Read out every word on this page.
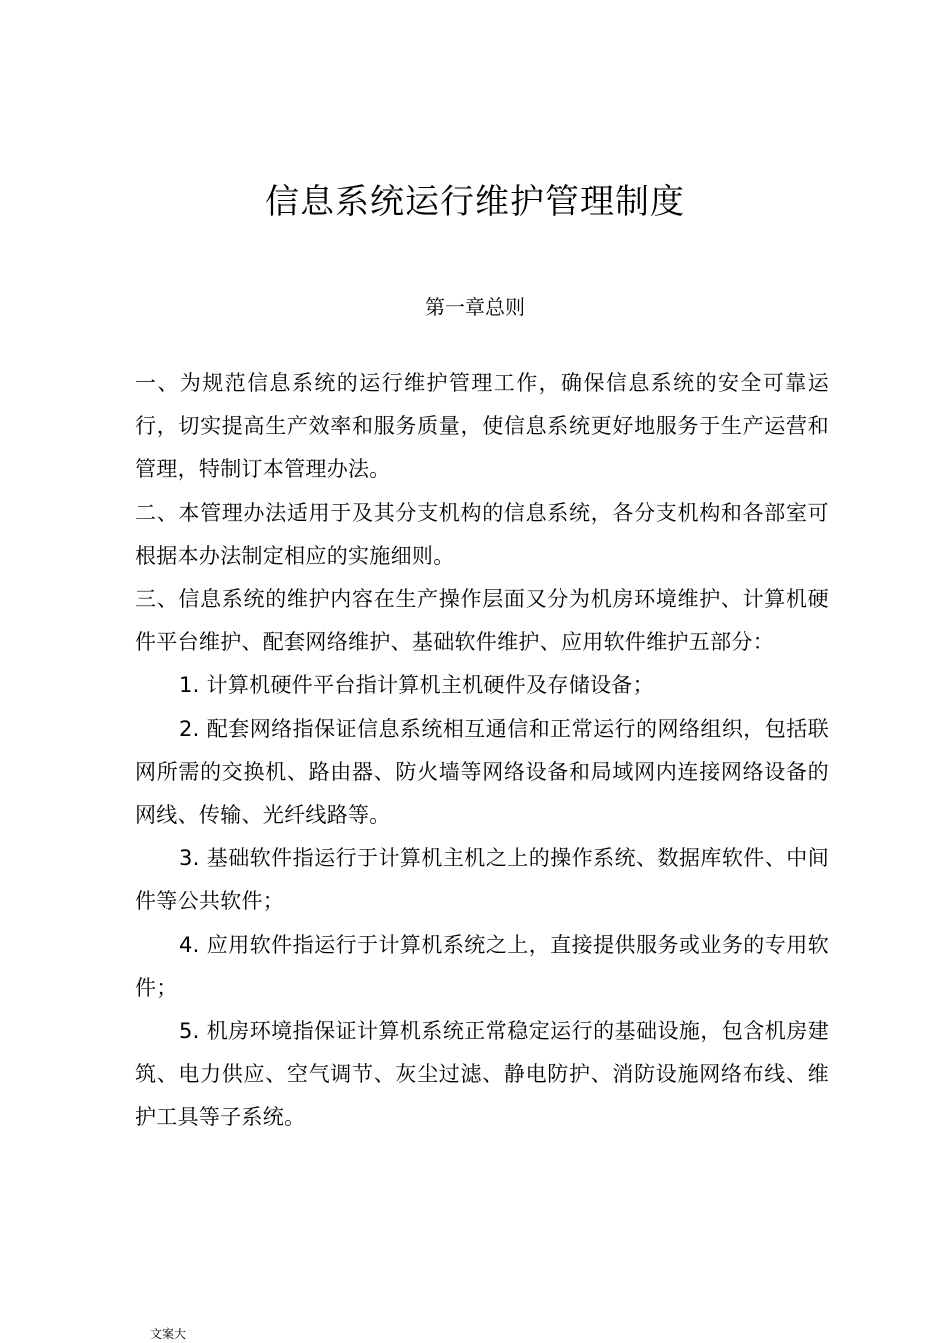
信息系统运行维护管理制度
第一章总则

一、为规范信息系统的运行维护管理工作，确保信息系统的安全可靠运行，切实提高生产效率和服务质量，使信息系统更好地服务于生产运营和管理，特制订本管理办法。

二、本管理办法适用于及其分支机构的信息系统，各分支机构和各部室可根据本办法制定相应的实施细则。

三、信息系统的维护内容在生产操作层面又分为机房环境维护、计算机硬件平台维护、配套网络维护、基础软件维护、应用软件维护五部分：

1. 计算机硬件平台指计算机主机硬件及存储设备；

2. 配套网络指保证信息系统相互通信和正常运行的网络组织，包括联网所需的交换机、路由器、防火墙等网络设备和局域网内连接网络设备的网线、传输、光纤线路等。

3. 基础软件指运行于计算机主机之上的操作系统、数据库软件、中间件等公共软件；

4. 应用软件指运行于计算机系统之上，直接提供服务或业务的专用软件；

5. 机房环境指保证计算机系统正常稳定运行的基础设施，包含机房建筑、电力供应、空气调节、灰尘过滤、静电防护、消防设施网络布线、维护工具等子系统。

文案大
